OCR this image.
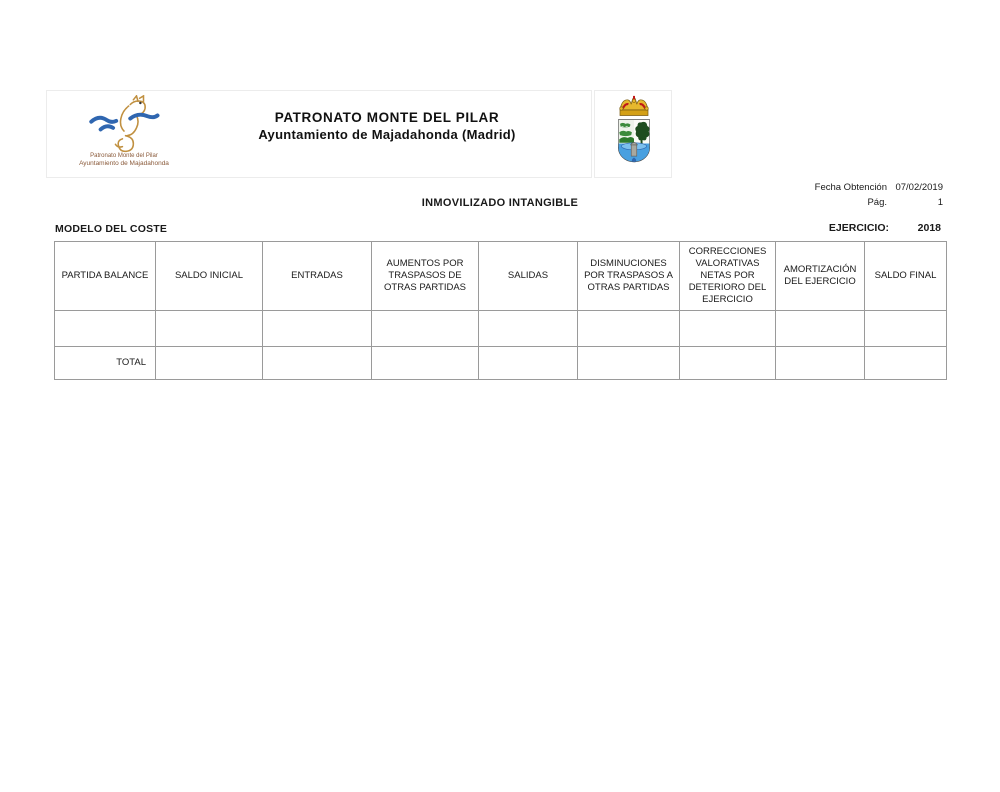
Patronato Monte del Pilar
Ayuntamiento de Majadahonda
PATRONATO MONTE DEL PILAR
Ayuntamiento de Majadahonda (Madrid)
Fecha Obtención 07/02/2019
Pág.	1
INMOVILIZADO INTANGIBLE
MODELO DEL COSTE	EJERCICIO:	2018
PARTIDA BALANCE	SALDO INICIAL	ENTRADAS	AUMENTOS POR TRASPASOS DE OTRAS PARTIDAS	SALIDAS	DISMINUCIONES POR TRASPASOS A OTRAS PARTIDAS	CORRECCIONES VALORATIVAS NETAS POR DETERIORO DEL EJERCICIO	AMORTIZACIÓN DEL EJERCICIO	SALDO FINAL

TOTAL								
